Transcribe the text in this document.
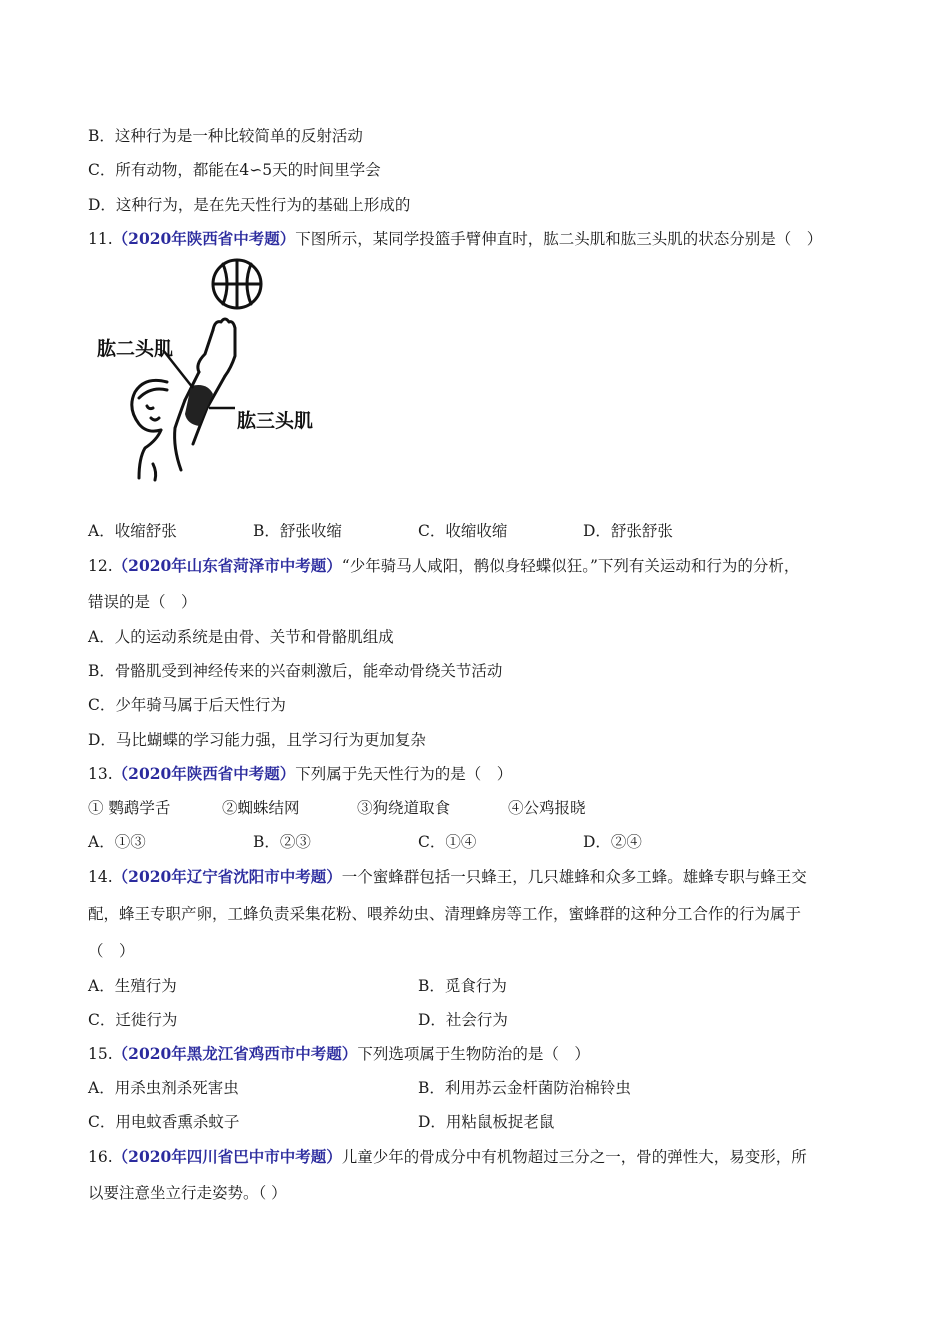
B．这种行为是一种比较简单的反射活动
C．所有动物，都能在4∽5天的时间里学会
D．这种行为，是在先天性行为的基础上形成的
11.（2020年陕西省中考题）下图所示，某同学投篮手臂伸直时，肱二头肌和肱三头肌的状态分别是（　）
肱二头肌
肱三头肌
A．收缩舒张	B．舒张收缩	C．收缩收缩	D．舒张舒张
12.（2020年山东省菏泽市中考题）“少年骑马人咸阳，鹘似身轻蝶似狂。”下列有关运动和行为的分析，
错误的是（　）
A．人的运动系统是由骨、关节和骨骼肌组成
B．骨骼肌受到神经传来的兴奋刺激后，能牵动骨绕关节活动
C．少年骑马属于后天性行为
D．马比蝴蝶的学习能力强，且学习行为更加复杂
13.（2020年陕西省中考题）下列属于先天性行为的是（　）
① 鹦鹉学舌	②蜘蛛结网	③狗绕道取食	④公鸡报晓
A．①③	B．②③	C．①④	D．②④
14.（2020年辽宁省沈阳市中考题）一个蜜蜂群包括一只蜂王，几只雄蜂和众多工蜂。雄蜂专职与蜂王交
配，蜂王专职产卵，工蜂负责采集花粉、喂养幼虫、清理蜂房等工作，蜜蜂群的这种分工合作的行为属于
（　）
A．生殖行为	B．觅食行为
C．迁徙行为	D．社会行为
15.（2020年黑龙江省鸡西市中考题）下列选项属于生物防治的是（　）
A．用杀虫剂杀死害虫	B．利用苏云金杆菌防治棉铃虫
C．用电蚊香熏杀蚊子	D．用粘鼠板捉老鼠
16.（2020年四川省巴中市中考题）儿童少年的骨成分中有机物超过三分之一，骨的弹性大，易变形，所
以要注意坐立行走姿势。（ ）
